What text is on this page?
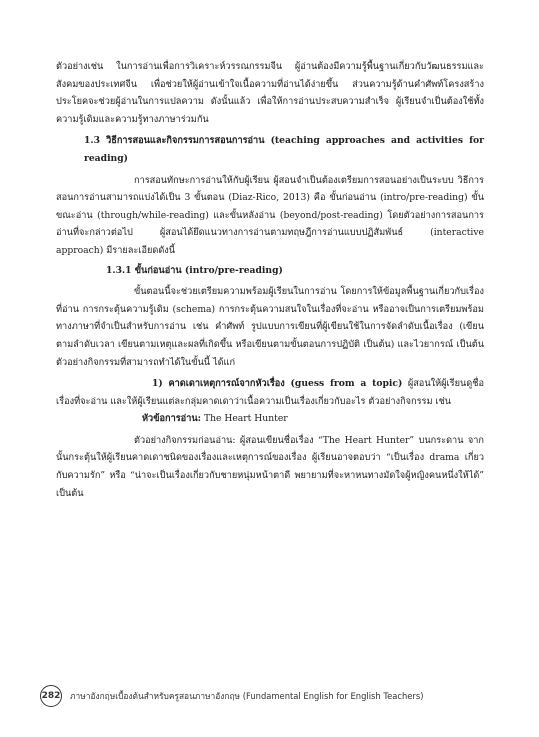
ตัวอย่างเช่น ในการอ่านเพื่อการวิเคราะห์วรรณกรรมจีน ผู้อ่านต้องมีความรู้พื้นฐานเกี่ยวกับวัฒนธรรมและสังคมของประเทศจีน เพื่อช่วยให้ผู้อ่านเข้าใจเนื้อความที่อ่านได้ง่ายขึ้น ส่วนความรู้ด้านคำศัพท์โครงสร้างประโยคจะช่วยผู้อ่านในการแปลความ ดังนั้นแล้ว เพื่อให้การอ่านประสบความสำเร็จ ผู้เรียนจำเป็นต้องใช้ทั้งความรู้เดิมและความรู้ทางภาษาร่วมกัน

1.3 วิธีการสอนและกิจกรรมการสอนการอ่าน (teaching approaches and activities for reading)

การสอนทักษะการอ่านให้กับผู้เรียน ผู้สอนจำเป็นต้องเตรียมการสอนอย่างเป็นระบบ วิธีการสอนการอ่านสามารถแบ่งได้เป็น 3 ขั้นตอน (Diaz-Rico, 2013) คือ ขั้นก่อนอ่าน (intro/pre-reading) ขั้นขณะอ่าน (through/while-reading) และขั้นหลังอ่าน (beyond/post-reading) โดยตัวอย่างการสอนการอ่านที่จะกล่าวต่อไป ผู้สอนได้ยึดแนวทางการอ่านตามทฤษฎีการอ่านแบบปฏิสัมพันธ์ (interactive approach) มีรายละเอียดดังนี้

1.3.1 ขั้นก่อนอ่าน (intro/pre-reading)

ขั้นตอนนี้จะช่วยเตรียมความพร้อมผู้เรียนในการอ่าน โดยการให้ข้อมูลพื้นฐานเกี่ยวกับเรื่องที่อ่าน การกระตุ้นความรู้เดิม (schema) การกระตุ้นความสนใจในเรื่องที่จะอ่าน หรืออาจเป็นการเตรียมพร้อมทางภาษาที่จำเป็นสำหรับการอ่าน เช่น คำศัพท์ รูปแบบการเขียนที่ผู้เขียนใช้ในการจัดลำดับเนื้อเรื่อง (เขียนตามลำดับเวลา เขียนตามเหตุและผลที่เกิดขึ้น หรือเขียนตามขั้นตอนการปฏิบัติ เป็นต้น) และไวยากรณ์ เป็นต้น ตัวอย่างกิจกรรมที่สามารถทำได้ในขั้นนี้ ได้แก่

1) คาดเดาเหตุการณ์จากหัวเรื่อง (guess from a topic) ผู้สอนให้ผู้เรียนดูชื่อเรื่องที่จะอ่าน และให้ผู้เรียนแต่ละกลุ่มคาดเดาว่าเนื้อความเป็นเรื่องเกี่ยวกับอะไร ตัวอย่างกิจกรรม เช่น

หัวข้อการอ่าน: The Heart Hunter

ตัวอย่างกิจกรรมก่อนอ่าน: ผู้สอนเขียนชื่อเรื่อง “The Heart Hunter” บนกระดาน จากนั้นกระตุ้นให้ผู้เรียนคาดเดาชนิดของเรื่องและเหตุการณ์ของเรื่อง ผู้เรียนอาจตอบว่า “เป็นเรื่อง drama เกี่ยวกับความรัก” หรือ “น่าจะเป็นเรื่องเกี่ยวกับชายหนุ่มหน้าตาดี พยายามที่จะหาหนทางมัดใจผู้หญิงคนหนึ่งให้ได้” เป็นต้น

282 ภาษาอังกฤษเบื้องต้นสำหรับครูสอนภาษาอังกฤษ (Fundamental English for English Teachers)
